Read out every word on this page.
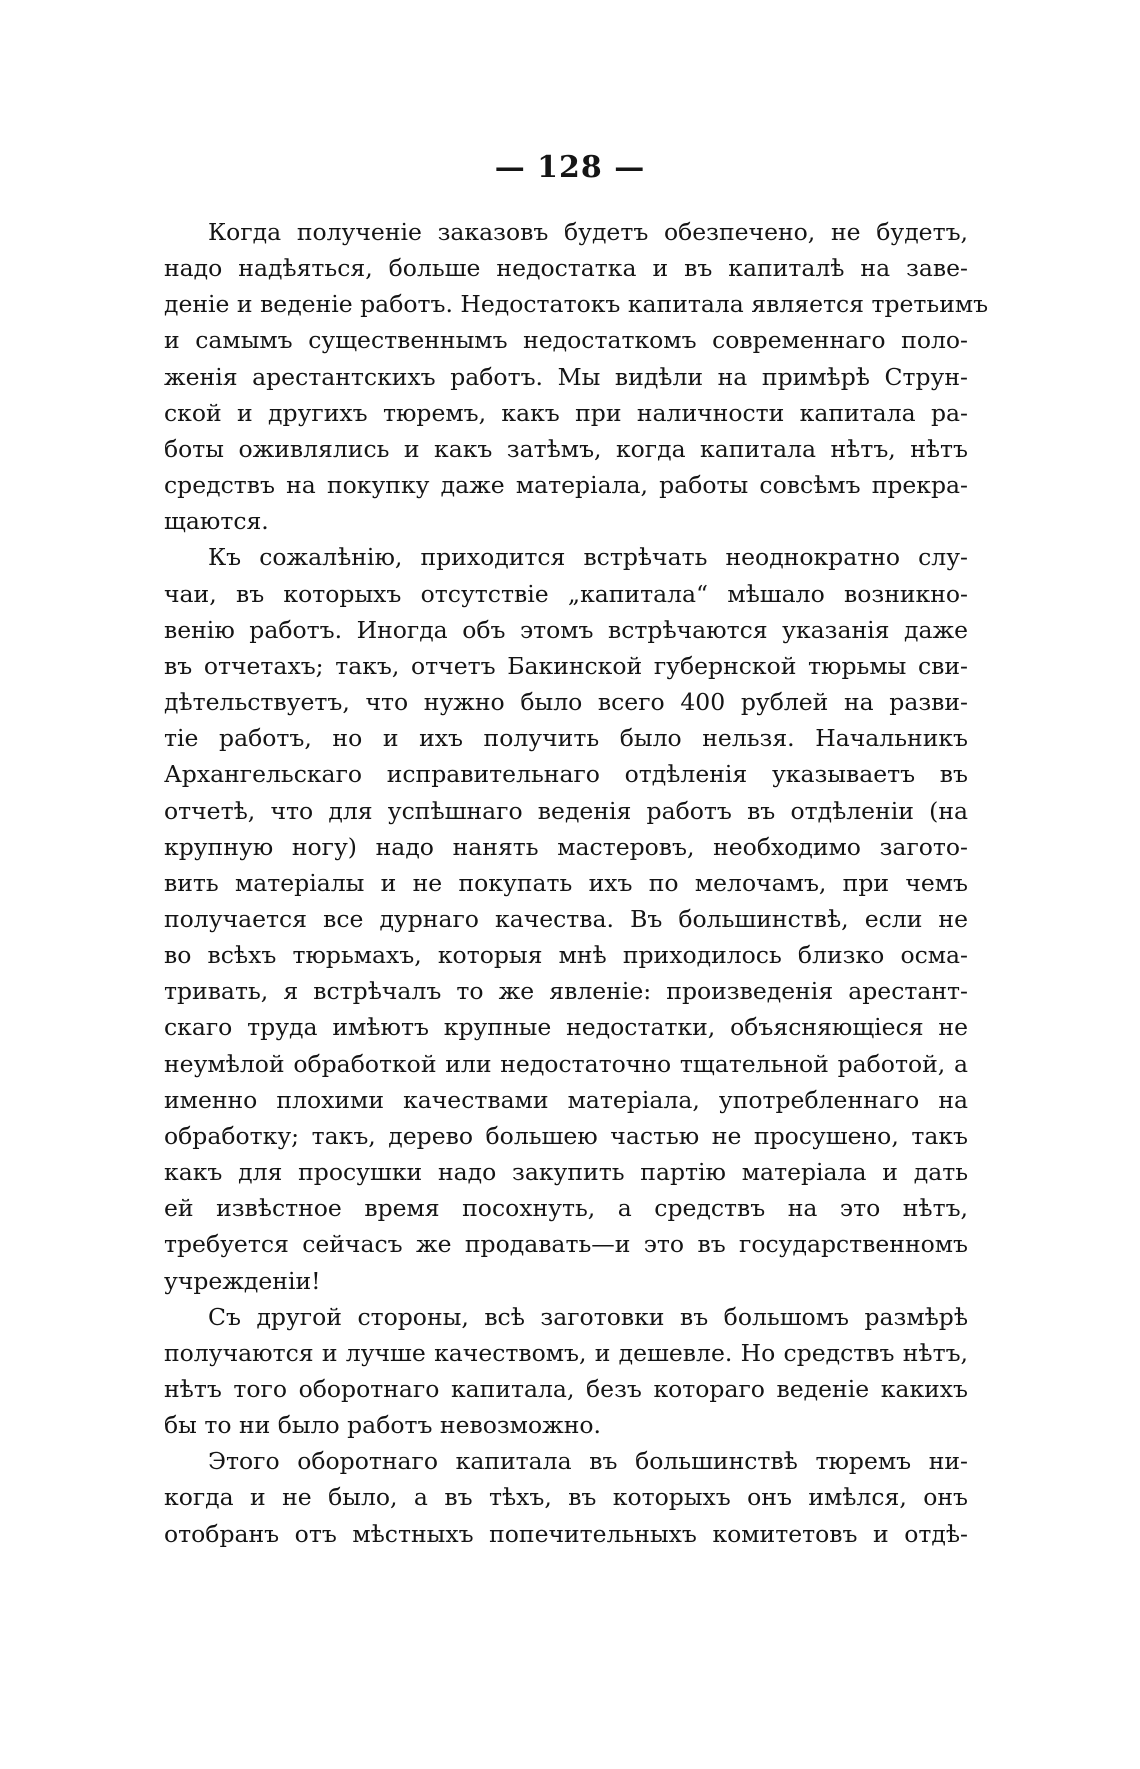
— 128 —

Когда полученіе заказовъ будетъ обезпечено, не будетъ,
надо надѣяться, больше недостатка и въ капиталѣ на заве-
деніе и веденіе работъ. Недостатокъ капитала является третьимъ
и самымъ существеннымъ недостаткомъ современнаго поло-
женія арестантскихъ работъ. Мы видѣли на примѣрѣ Струн-
ской и другихъ тюремъ, какъ при наличности капитала ра-
боты оживлялись и какъ затѣмъ, когда капитала нѣтъ, нѣтъ
средствъ на покупку даже матеріала, работы совсѣмъ прекра-
щаются.

Къ сожалѣнію, приходится встрѣчать неоднократно слу-
чаи, въ которыхъ отсутствіе „капитала“ мѣшало возникно-
венію работъ. Иногда объ этомъ встрѣчаются указанія даже
въ отчетахъ; такъ, отчетъ Бакинской губернской тюрьмы сви-
дѣтельствуетъ, что нужно было всего 400 рублей на разви-
тіе работъ, но и ихъ получить было нельзя. Начальникъ
Архангельскаго исправительнаго отдѣленія указываетъ въ
отчетѣ, что для успѣшнаго веденія работъ въ отдѣленіи (на
крупную ногу) надо нанять мастеровъ, необходимо загото-
вить матеріалы и не покупать ихъ по мелочамъ, при чемъ
получается все дурнаго качества. Въ большинствѣ, если не
во всѣхъ тюрьмахъ, которыя мнѣ приходилось близко осма-
тривать, я встрѣчалъ то же явленіе: произведенія арестант-
скаго труда имѣютъ крупные недостатки, объясняющіеся не
неумѣлой обработкой или недостаточно тщательной работой, а
именно плохими качествами матеріала, употребленнаго на
обработку; такъ, дерево большею частью не просушено, такъ
какъ для просушки надо закупить партію матеріала и дать
ей извѣстное время посохнуть, а средствъ на это нѣтъ,
требуется сейчасъ же продавать—и это въ государственномъ
учрежденіи!

Съ другой стороны, всѣ заготовки въ большомъ размѣрѣ
получаются и лучше качествомъ, и дешевле. Но средствъ нѣтъ,
нѣтъ того оборотнаго капитала, безъ котораго веденіе какихъ
бы то ни было работъ невозможно.

Этого оборотнаго капитала въ большинствѣ тюремъ ни-
когда и не было, а въ тѣхъ, въ которыхъ онъ имѣлся, онъ
отобранъ отъ мѣстныхъ попечительныхъ комитетовъ и отдѣ-
